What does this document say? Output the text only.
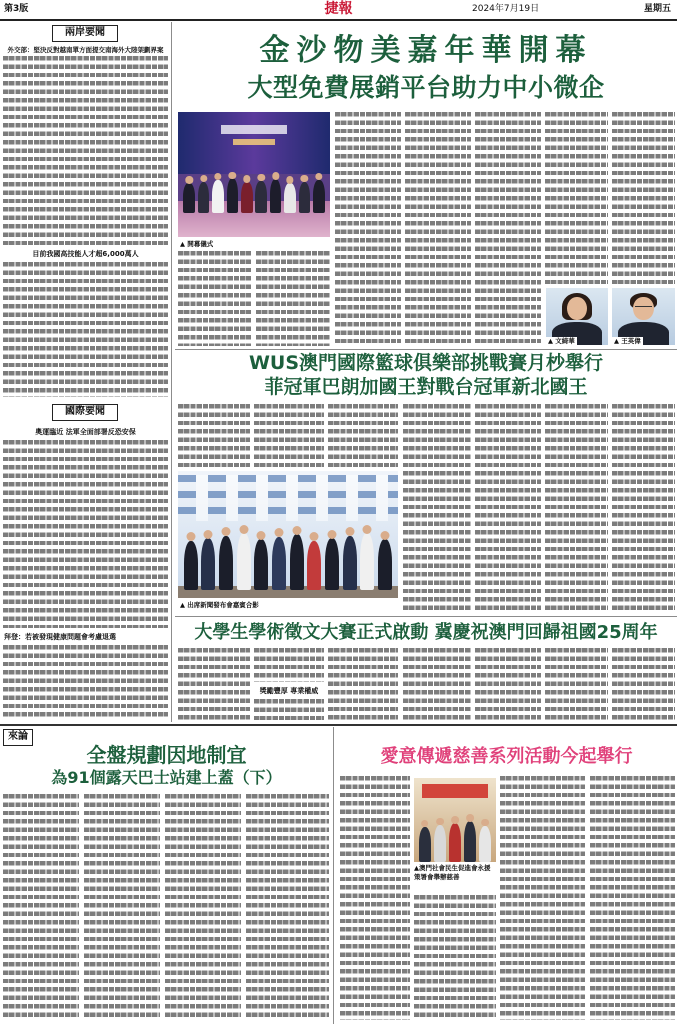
第3版	捷報	2024年7月19日	星期五
兩岸要聞
外交部：堅決反對越南單方面提交南海外大陸架劃界案
目前我國高技能人才超6,000萬人
國際要聞
奧運臨近 法軍全面部署反恐安保
拜登：若被發現健康問題會考慮退選
金沙物美嘉年華開幕
大型免費展銷平台助力中小微企
▲ 開幕儀式
▲ 文綺華	▲ 王英偉
WUS澳門國際籃球俱樂部挑戰賽月杪舉行
菲冠軍巴朗加國王對戰台冠軍新北國王
▲ 出席新聞發布會嘉賓合影
大學生學術徵文大賽正式啟動 冀慶祝澳門回歸祖國25周年
獎勵豐厚 專業權威
來論
全盤規劃因地制宜
為91個露天巴士站建上蓋（下）
愛意傳遞慈善系列活動今起舉行
▲澳門社會民生促進會永援策署會舉辦慈善
